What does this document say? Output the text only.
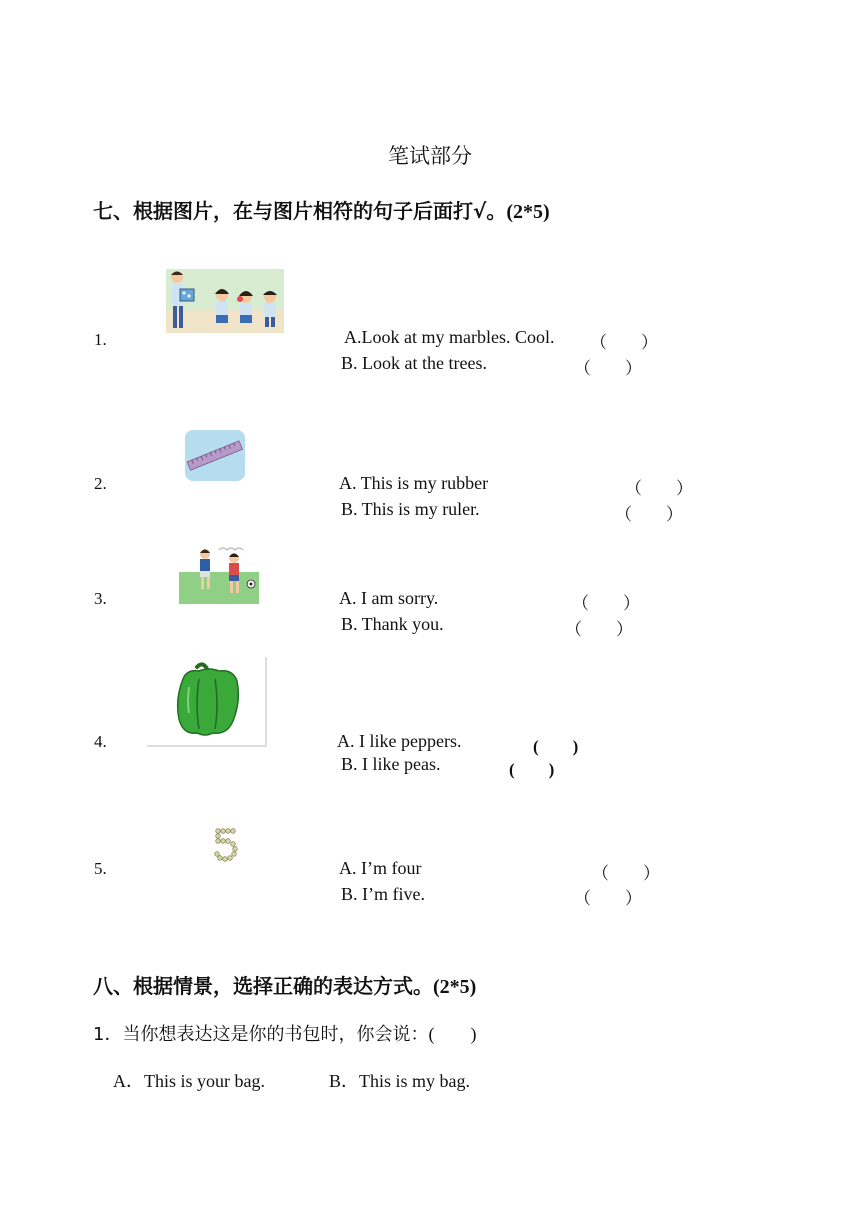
笔试部分
七、根据图片，在与图片相符的句子后面打√。(2*5)
1.	A.Look at my marbles. Cool. （　　）
B. Look at the trees.	（　　）
2.	A. This is my rubber	（　　）
B. This is my ruler.	（　　）
3.	A. I am sorry.	（　　）
B. Thank you.	（　　）
4.	A. I like peppers.	(　　)
B. I like peas.	(　　)
5.	A. I’m four	（　　）
B. I’m five.	（　　）
八、根据情景，选择正确的表达方式。(2*5)
1．当你想表达这是你的书包时，你会说：(　　)
A．This is your bag.	B．This is my bag.
